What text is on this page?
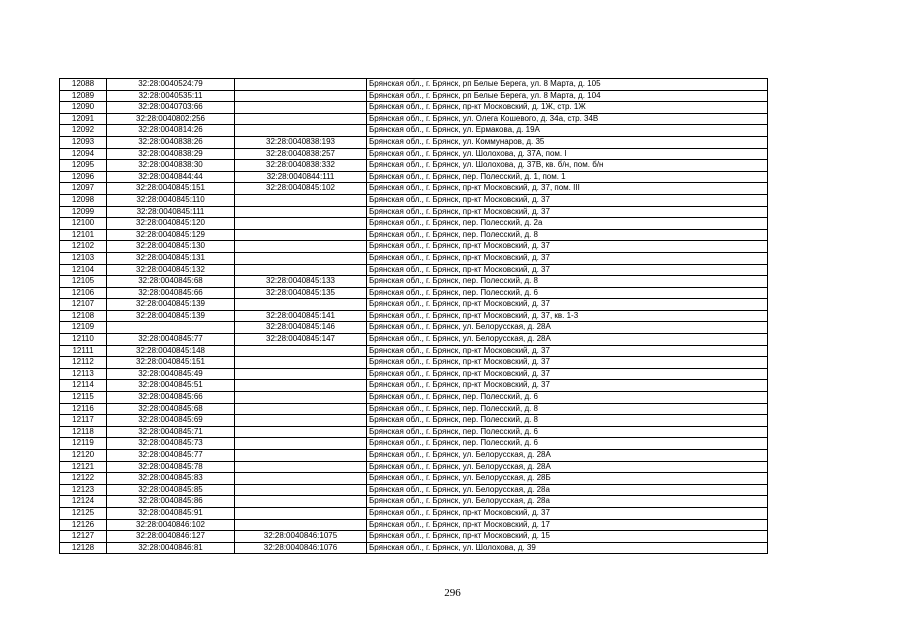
12088	32:28:0040524:79		Брянская обл., г. Брянск, рп Белые Берега, ул. 8 Марта, д. 105
12089	32:28:0040535:11		Брянская обл., г. Брянск, рп Белые Берега, ул. 8 Марта, д. 104
12090	32:28:0040703:66		Брянская обл., г. Брянск, пр-кт Московский, д. 1Ж, стр. 1Ж
12091	32:28:0040802:256		Брянская обл., г. Брянск, ул. Олега Кошевого, д. 34а, стр. 34В
12092	32:28:0040814:26		Брянская обл., г. Брянск, ул. Ермакова, д. 19А
12093	32:28:0040838:26	32:28:0040838:193	Брянская обл., г. Брянск, ул. Коммунаров, д. 35
12094	32:28:0040838:29	32:28:0040838:257	Брянская обл., г. Брянск, ул. Шолохова, д. 37А, пом. I
12095	32:28:0040838:30	32:28:0040838:332	Брянская обл., г. Брянск, ул. Шолохова, д. 37В, кв. б/н, пом. б/н
12096	32:28:0040844:44	32:28:0040844:111	Брянская обл., г. Брянск, пер. Полесский, д. 1, пом. 1
12097	32:28:0040845:151	32:28:0040845:102	Брянская обл., г. Брянск, пр-кт Московский, д. 37, пом. III
12098	32:28:0040845:110		Брянская обл., г. Брянск, пр-кт Московский, д. 37
12099	32:28:0040845:111		Брянская обл., г. Брянск, пр-кт Московский, д. 37
12100	32:28:0040845:120		Брянская обл., г. Брянск, пер. Полесский, д. 2а
12101	32:28:0040845:129		Брянская обл., г. Брянск, пер. Полесский, д. 8
12102	32:28:0040845:130		Брянская обл., г. Брянск, пр-кт Московский, д. 37
12103	32:28:0040845:131		Брянская обл., г. Брянск, пр-кт Московский, д. 37
12104	32:28:0040845:132		Брянская обл., г. Брянск, пр-кт Московский, д. 37
12105	32:28:0040845:68	32:28:0040845:133	Брянская обл., г. Брянск, пер. Полесский, д. 8
12106	32:28:0040845:66	32:28:0040845:135	Брянская обл., г. Брянск, пер. Полесский, д. 6
12107	32:28:0040845:139		Брянская обл., г. Брянск, пр-кт Московский, д. 37
12108	32:28:0040845:139	32:28:0040845:141	Брянская обл., г. Брянск, пр-кт Московский, д. 37, кв. 1-3
12109		32:28:0040845:146	Брянская обл., г. Брянск, ул. Белорусская, д. 28А
12110	32:28:0040845:77	32:28:0040845:147	Брянская обл., г. Брянск, ул. Белорусская, д. 28А
12111	32:28:0040845:148		Брянская обл., г. Брянск, пр-кт Московский, д. 37
12112	32:28:0040845:151		Брянская обл., г. Брянск, пр-кт Московский, д. 37
12113	32:28:0040845:49		Брянская обл., г. Брянск, пр-кт Московский, д. 37
12114	32:28:0040845:51		Брянская обл., г. Брянск, пр-кт Московский, д. 37
12115	32:28:0040845:66		Брянская обл., г. Брянск, пер. Полесский, д. 6
12116	32:28:0040845:68		Брянская обл., г. Брянск, пер. Полесский, д. 8
12117	32:28:0040845:69		Брянская обл., г. Брянск, пер. Полесский, д. 8
12118	32:28:0040845:71		Брянская обл., г. Брянск, пер. Полесский, д. 6
12119	32:28:0040845:73		Брянская обл., г. Брянск, пер. Полесский, д. 6
12120	32:28:0040845:77		Брянская обл., г. Брянск, ул. Белорусская, д. 28А
12121	32:28:0040845:78		Брянская обл., г. Брянск, ул. Белорусская, д. 28А
12122	32:28:0040845:83		Брянская обл., г. Брянск, ул. Белорусская, д. 28Б
12123	32:28:0040845:85		Брянская обл., г. Брянск, ул. Белорусская, д. 28а
12124	32:28:0040845:86		Брянская обл., г. Брянск, ул. Белорусская, д. 28а
12125	32:28:0040845:91		Брянская обл., г. Брянск, пр-кт Московский, д. 37
12126	32:28:0040846:102		Брянская обл., г. Брянск, пр-кт Московский, д. 17
12127	32:28:0040846:127	32:28:0040846:1075	Брянская обл., г. Брянск, пр-кт Московский, д. 15
12128	32:28:0040846:81	32:28:0040846:1076	Брянская обл., г. Брянск, ул. Шолохова, д. 39
296
